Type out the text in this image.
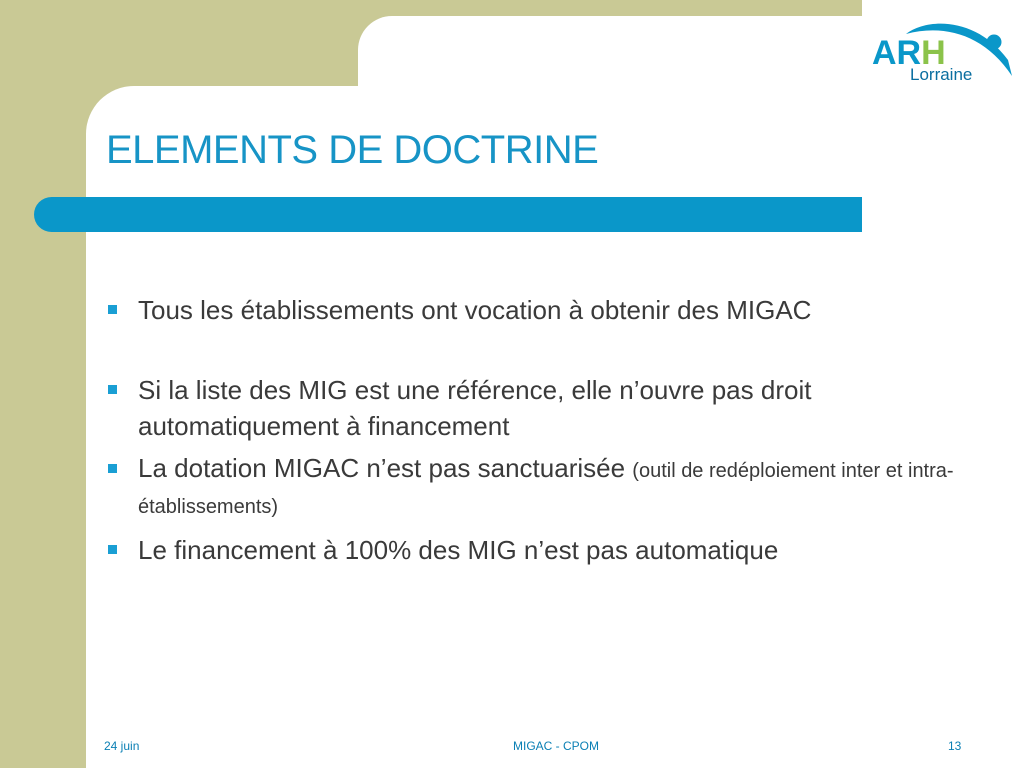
ARH
Lorraine
ELEMENTS DE DOCTRINE
Tous les établissements ont vocation à obtenir des MIGAC
Si la liste des MIG est une référence, elle n’ouvre pas droit automatiquement à financement
La dotation MIGAC n’est pas sanctuarisée (outil de redéploiement inter et intra-établissements)
Le financement à 100% des MIG n’est pas automatique
24 juin	MIGAC - CPOM	13
